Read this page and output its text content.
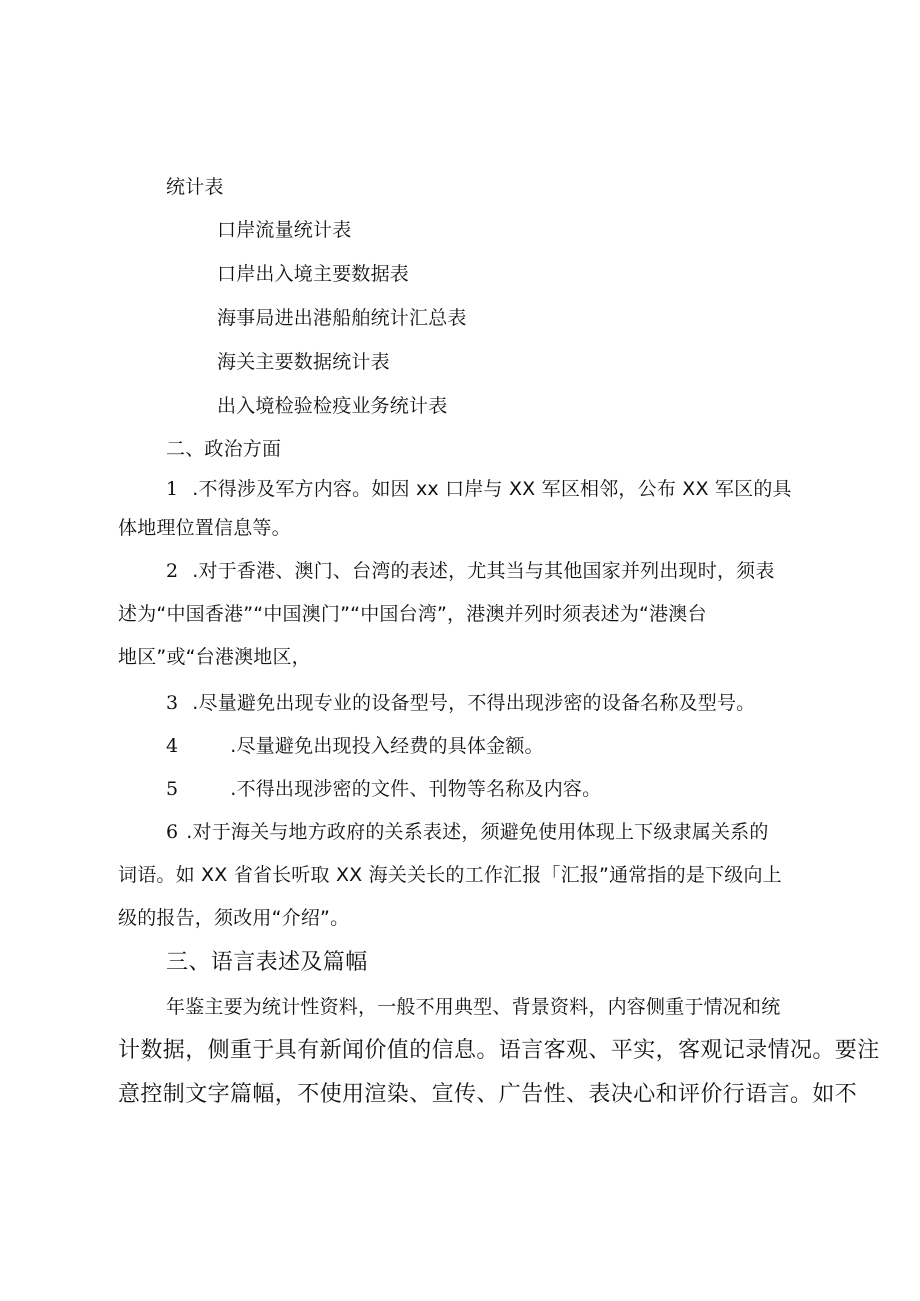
统计表
口岸流量统计表
口岸出入境主要数据表
海事局进出港船舶统计汇总表
海关主要数据统计表
出入境检验检疫业务统计表
二、政治方面
1 .不得涉及军方内容。如因 xx 口岸与 XX 军区相邻，公布 XX 军区的具
体地理位置信息等。
2 .对于香港、澳门、台湾的表述，尤其当与其他国家并列出现时，须表
述为“中国香港”“中国澳门”“中国台湾”，港澳并列时须表述为“港澳台
地区”或“台港澳地区，
3 .尽量避免出现专业的设备型号，不得出现涉密的设备名称及型号。
4	.尽量避免出现投入经费的具体金额。
5	.不得出现涉密的文件、刊物等名称及内容。
6 .对于海关与地方政府的关系表述，须避免使用体现上下级隶属关系的
词语。如 XX 省省长听取 XX 海关关长的工作汇报「汇报”通常指的是下级向上
级的报告，须改用“介绍”。
三、语言表述及篇幅
年鉴主要为统计性资料，一般不用典型、背景资料，内容侧重于情况和统
计数据，侧重于具有新闻价值的信息。语言客观、平实，客观记录情况。要注
意控制文字篇幅，不使用渲染、宣传、广告性、表决心和评价行语言。如不
